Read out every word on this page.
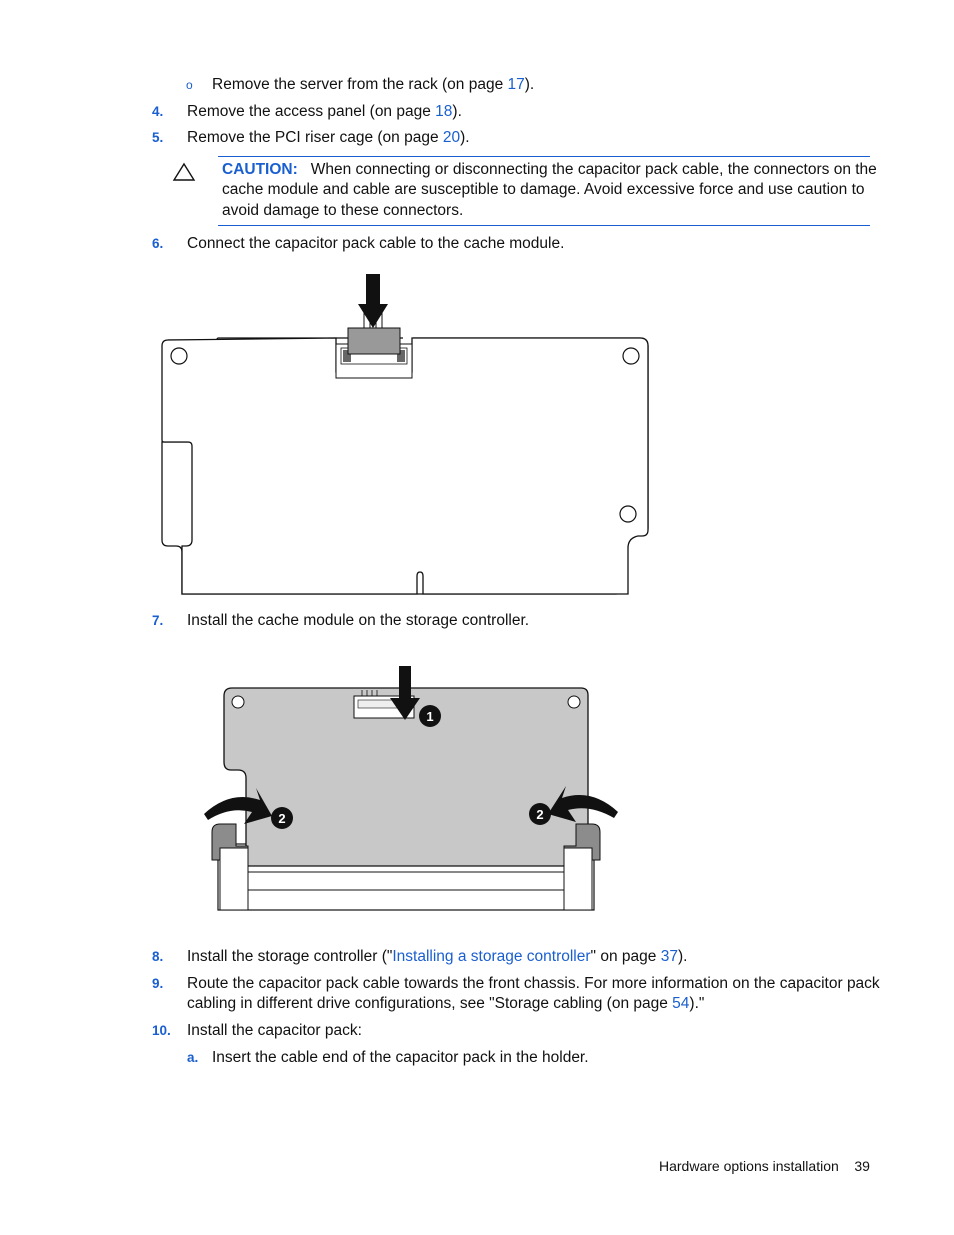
o Remove the server from the rack (on page 17).
4. Remove the access panel (on page 18).
5. Remove the PCI riser cage (on page 20).
CAUTION: When connecting or disconnecting the capacitor pack cable, the connectors on the
cache module and cable are susceptible to damage. Avoid excessive force and use caution to
avoid damage to these connectors.
6. Connect the capacitor pack cable to the cache module.
7. Install the cache module on the storage controller.
1
2	2
8. Install the storage controller ("Installing a storage controller" on page 37).
9. Route the capacitor pack cable towards the front chassis. For more information on the capacitor pack
cabling in different drive configurations, see "Storage cabling (on page 54)."
10. Install the capacitor pack:
a. Insert the cable end of the capacitor pack in the holder.
Hardware options installation 39
